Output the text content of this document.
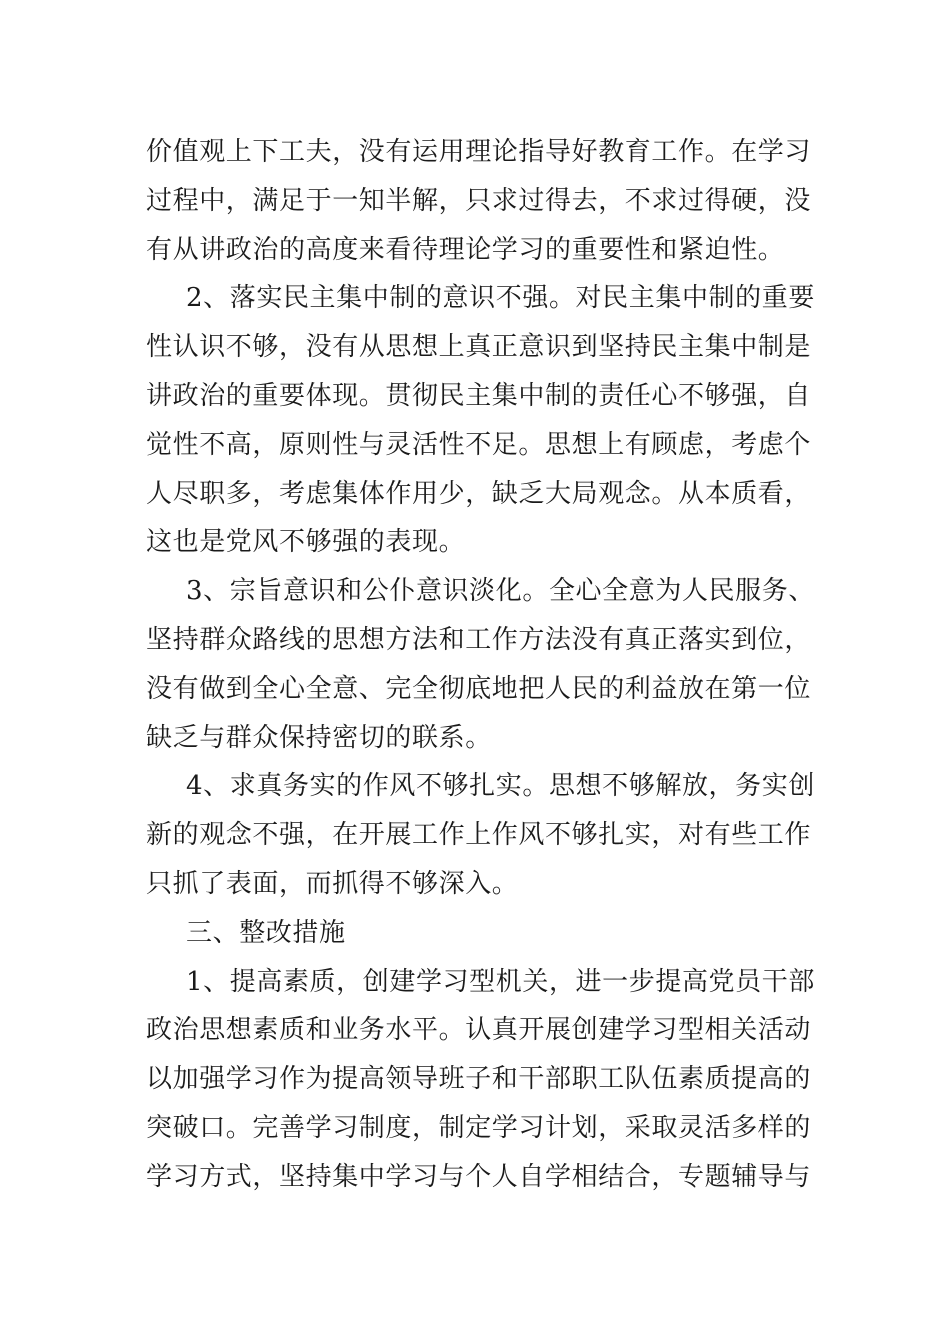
价值观上下工夫，没有运用理论指导好教育工作。在学习
过程中，满足于一知半解，只求过得去，不求过得硬，没
有从讲政治的高度来看待理论学习的重要性和紧迫性。
2、落实民主集中制的意识不强。对民主集中制的重要
性认识不够，没有从思想上真正意识到坚持民主集中制是
讲政治的重要体现。贯彻民主集中制的责任心不够强，自
觉性不高，原则性与灵活性不足。思想上有顾虑，考虑个
人尽职多，考虑集体作用少，缺乏大局观念。从本质看，
这也是党风不够强的表现。
3、宗旨意识和公仆意识淡化。全心全意为人民服务、
坚持群众路线的思想方法和工作方法没有真正落实到位，
没有做到全心全意、完全彻底地把人民的利益放在第一位
缺乏与群众保持密切的联系。
4、求真务实的作风不够扎实。思想不够解放，务实创
新的观念不强，在开展工作上作风不够扎实，对有些工作
只抓了表面，而抓得不够深入。
三、整改措施
1、提高素质，创建学习型机关，进一步提高党员干部
政治思想素质和业务水平。认真开展创建学习型相关活动
以加强学习作为提高领导班子和干部职工队伍素质提高的
突破口。完善学习制度，制定学习计划，采取灵活多样的
学习方式，坚持集中学习与个人自学相结合，专题辅导与
